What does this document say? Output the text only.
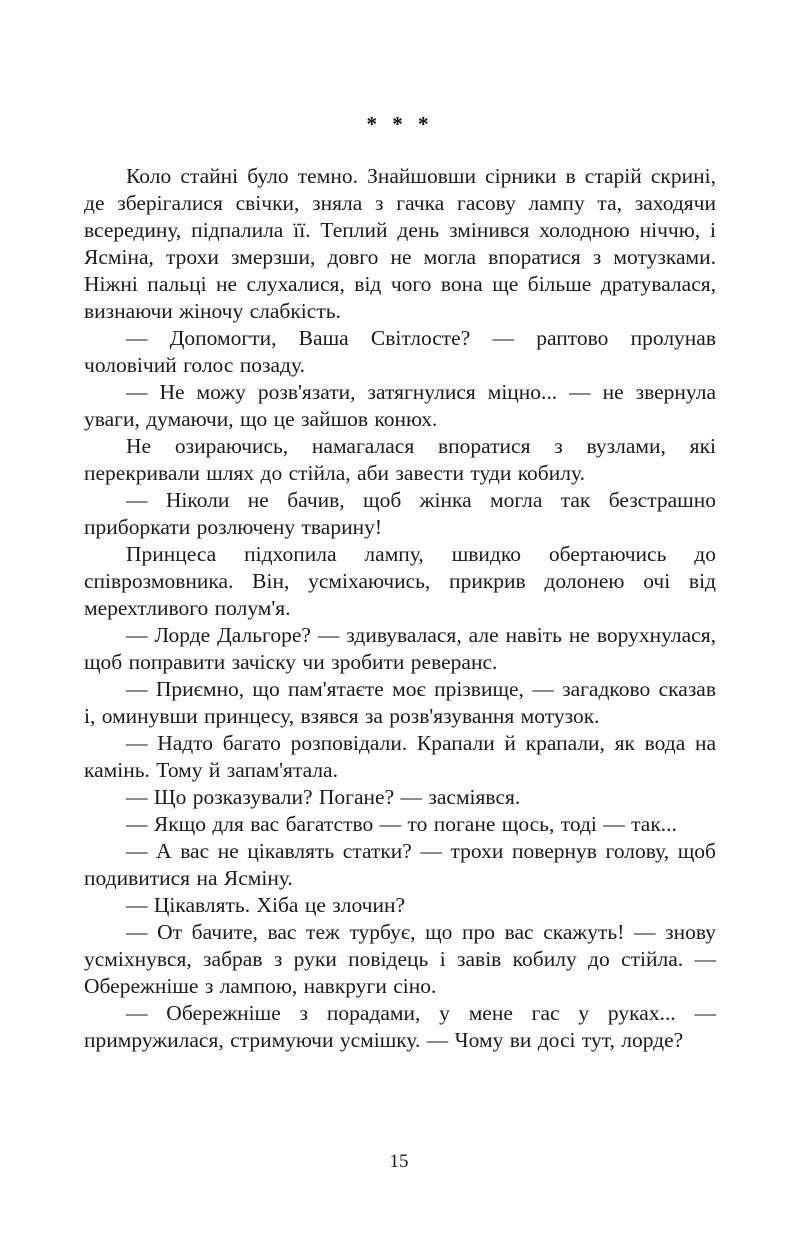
* * *

Коло стайні було темно. Знайшовши сірники в старій скрині, де зберігалися свічки, зняла з гачка гасову лампу та, заходячи всередину, підпалила її. Теплий день змінився холодною ніччю, і Ясміна, трохи змерзши, довго не могла впоратися з мотузками. Ніжні пальці не слухалися, від чого вона ще більше дратувалася, визнаючи жіночу слабкість.

— Допомогти, Ваша Світлосте? — раптово пролунав чоловічий голос позаду.

— Не можу розв'язати, затягнулися міцно... — не звернула уваги, думаючи, що це зайшов конюх.

Не озираючись, намагалася впоратися з вузлами, які перекривали шлях до стійла, аби завести туди кобилу.

— Ніколи не бачив, щоб жінка могла так безстрашно приборкати розлючену тварину!

Принцеса підхопила лампу, швидко обертаючись до співрозмовника. Він, усміхаючись, прикрив долонею очі від мерехтливого полум'я.

— Лорде Дальгоре? — здивувалася, але навіть не ворухнулася, щоб поправити зачіску чи зробити реверанс.

— Приємно, що пам'ятаєте моє прізвище, — загадково сказав і, оминувши принцесу, взявся за розв'язування мотузок.

— Надто багато розповідали. Крапали й крапали, як вода на камінь. Тому й запам'ятала.

— Що розказували? Погане? — засміявся.

— Якщо для вас багатство — то погане щось, тоді — так...

— А вас не цікавлять статки? — трохи повернув голову, щоб подивитися на Ясміну.

— Цікавлять. Хіба це злочин?

— От бачите, вас теж турбує, що про вас скажуть! — знову усміхнувся, забрав з руки повідець і завів кобилу до стійла. — Обережніше з лампою, навкруги сіно.

— Обережніше з порадами, у мене гас у руках... — примружилася, стримуючи усмішку. — Чому ви досі тут, лорде?

15
